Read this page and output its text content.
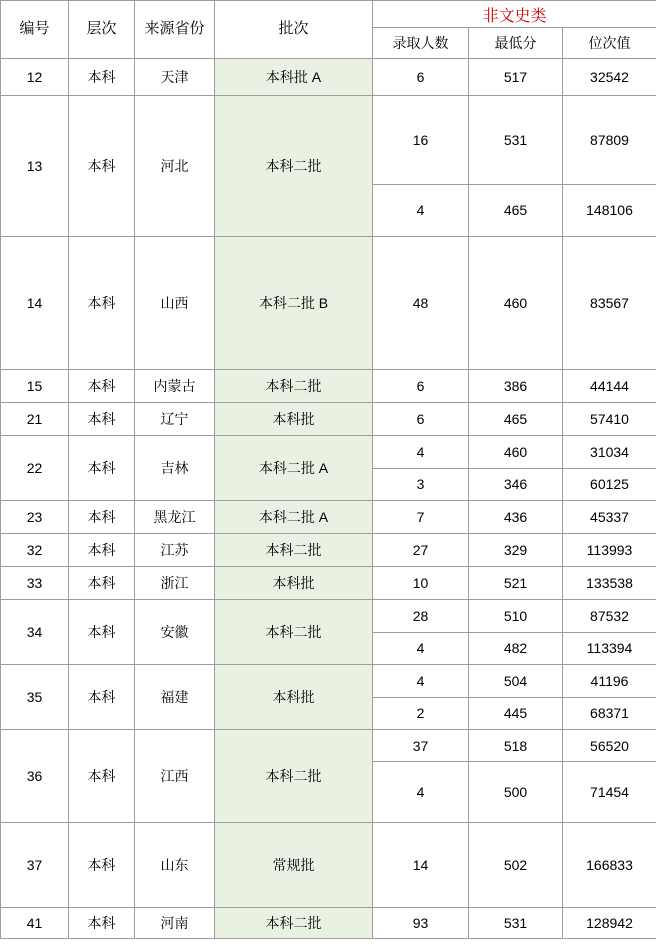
编号	层次	来源省份	批次	非文史类		
				录取人数	最低分	位次值
12	本科	天津	本科批 A	6	517	32542
13	本科	河北	本科二批	16	531	87809
				4	465	148106
14	本科	山西	本科二批 B	48	460	83567
15	本科	内蒙古	本科二批	6	386	44144
21	本科	辽宁	本科批	6	465	57410
22	本科	吉林	本科二批 A	4	460	31034
				3	346	60125
23	本科	黑龙江	本科二批 A	7	436	45337
32	本科	江苏	本科二批	27	329	113993
33	本科	浙江	本科批	10	521	133538
34	本科	安徽	本科二批	28	510	87532
				4	482	113394
35	本科	福建	本科批	4	504	41196
				2	445	68371
36	本科	江西	本科二批	37	518	56520
				4	500	71454
37	本科	山东	常规批	14	502	166833
41	本科	河南	本科二批	93	531	128942
